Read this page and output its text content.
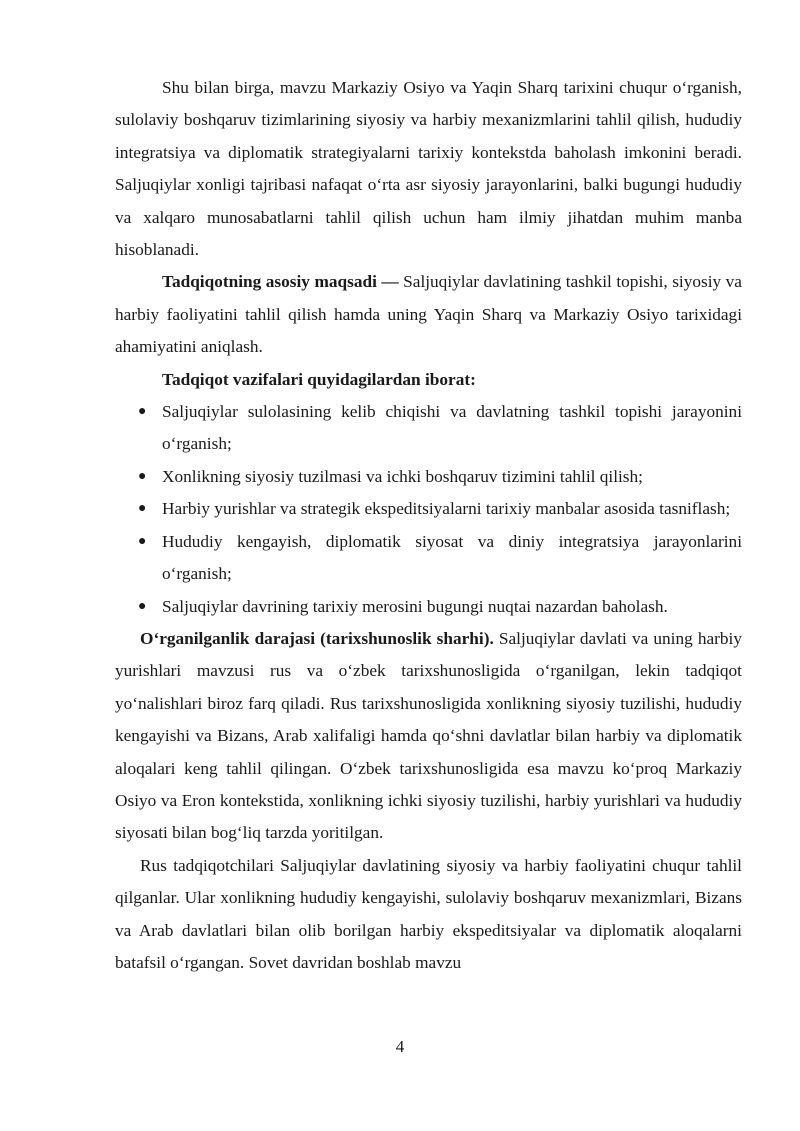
Shu bilan birga, mavzu Markaziy Osiyo va Yaqin Sharq tarixini chuqur o‘rganish, sulolaviy boshqaruv tizimlarining siyosiy va harbiy mexanizmlarini tahlil qilish, hududiy integratsiya va diplomatik strategiyalarni tarixiy kontekstda baholash imkonini beradi. Saljuqiylar xonligi tajribasi nafaqat o‘rta asr siyosiy jarayonlarini, balki bugungi hududiy va xalqaro munosabatlarni tahlil qilish uchun ham ilmiy jihatdan muhim manba hisoblanadi.

Tadqiqotning asosiy maqsadi — Saljuqiylar davlatining tashkil topishi, siyosiy va harbiy faoliyatini tahlil qilish hamda uning Yaqin Sharq va Markaziy Osiyo tarixidagi ahamiyatini aniqlash.

Tadqiqot vazifalari quyidagilardan iborat:

● Saljuqiylar sulolasining kelib chiqishi va davlatning tashkil topishi jarayonini o‘rganish;
● Xonlikning siyosiy tuzilmasi va ichki boshqaruv tizimini tahlil qilish;
● Harbiy yurishlar va strategik ekspeditsiyalarni tarixiy manbalar asosida tasniflash;
● Hududiy kengayish, diplomatik siyosat va diniy integratsiya jarayonlarini o‘rganish;
● Saljuqiylar davrining tarixiy merosini bugungi nuqtai nazardan baholash.

O‘rganilganlik darajasi (tarixshunoslik sharhi). Saljuqiylar davlati va uning harbiy yurishlari mavzusi rus va o‘zbek tarixshunosligida o‘rganilgan, lekin tadqiqot yo‘nalishlari biroz farq qiladi. Rus tarixshunosligida xonlikning siyosiy tuzilishi, hududiy kengayishi va Bizans, Arab xalifaligi hamda qo‘shni davlatlar bilan harbiy va diplomatik aloqalari keng tahlil qilingan. O‘zbek tarixshunosligida esa mavzu ko‘proq Markaziy Osiyo va Eron kontekstida, xonlikning ichki siyosiy tuzilishi, harbiy yurishlari va hududiy siyosati bilan bog‘liq tarzda yoritilgan.

Rus tadqiqotchilari Saljuqiylar davlatining siyosiy va harbiy faoliyatini chuqur tahlil qilganlar. Ular xonlikning hududiy kengayishi, sulolaviy boshqaruv mexanizmlari, Bizans va Arab davlatlari bilan olib borilgan harbiy ekspeditsiyalar va diplomatik aloqalarni batafsil o‘rgangan. Sovet davridan boshlab mavzu

4
